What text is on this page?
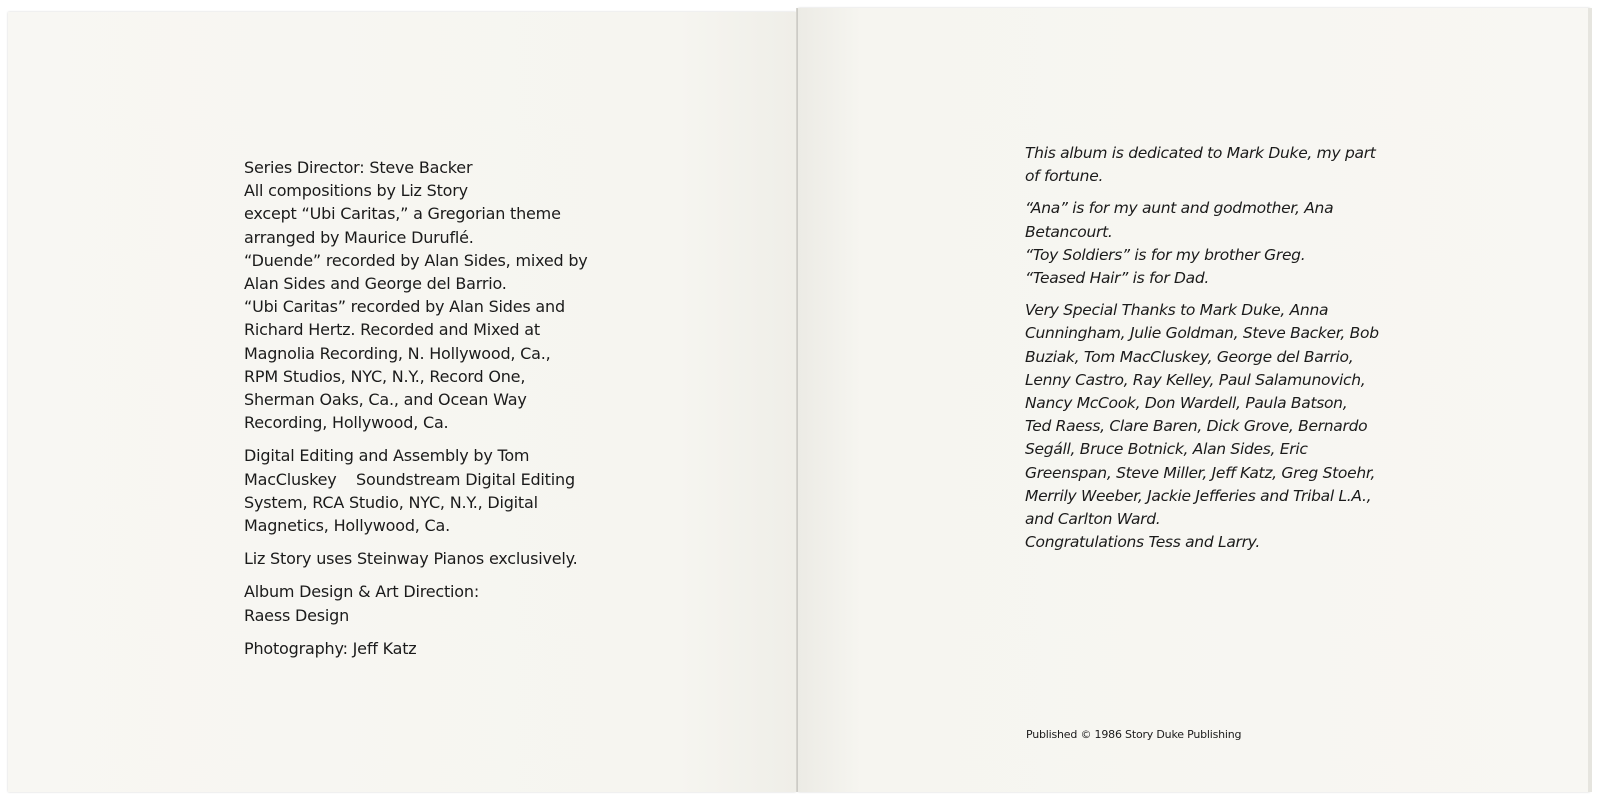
Series Director: Steve Backer
All compositions by Liz Story
except “Ubi Caritas,” a Gregorian theme
arranged by Maurice Duruflé.
“Duende” recorded by Alan Sides, mixed by
Alan Sides and George del Barrio.
“Ubi Caritas” recorded by Alan Sides and
Richard Hertz. Recorded and Mixed at
Magnolia Recording, N. Hollywood, Ca.,
RPM Studios, NYC, N.Y., Record One,
Sherman Oaks, Ca., and Ocean Way
Recording, Hollywood, Ca.

Digital Editing and Assembly by Tom
MacCluskey    Soundstream Digital Editing
System, RCA Studio, NYC, N.Y., Digital
Magnetics, Hollywood, Ca.

Liz Story uses Steinway Pianos exclusively.

Album Design & Art Direction:
Raess Design

Photography: Jeff Katz

This album is dedicated to Mark Duke, my part
of fortune.

“Ana” is for my aunt and godmother, Ana
Betancourt.
“Toy Soldiers” is for my brother Greg.
“Teased Hair” is for Dad.

Very Special Thanks to Mark Duke, Anna
Cunningham, Julie Goldman, Steve Backer, Bob
Buziak, Tom MacCluskey, George del Barrio,
Lenny Castro, Ray Kelley, Paul Salamunovich,
Nancy McCook, Don Wardell, Paula Batson,
Ted Raess, Clare Baren, Dick Grove, Bernardo
Segáll, Bruce Botnick, Alan Sides, Eric
Greenspan, Steve Miller, Jeff Katz, Greg Stoehr,
Merrily Weeber, Jackie Jefferies and Tribal L.A.,
and Carlton Ward.
Congratulations Tess and Larry.

Published © 1986 Story Duke Publishing
